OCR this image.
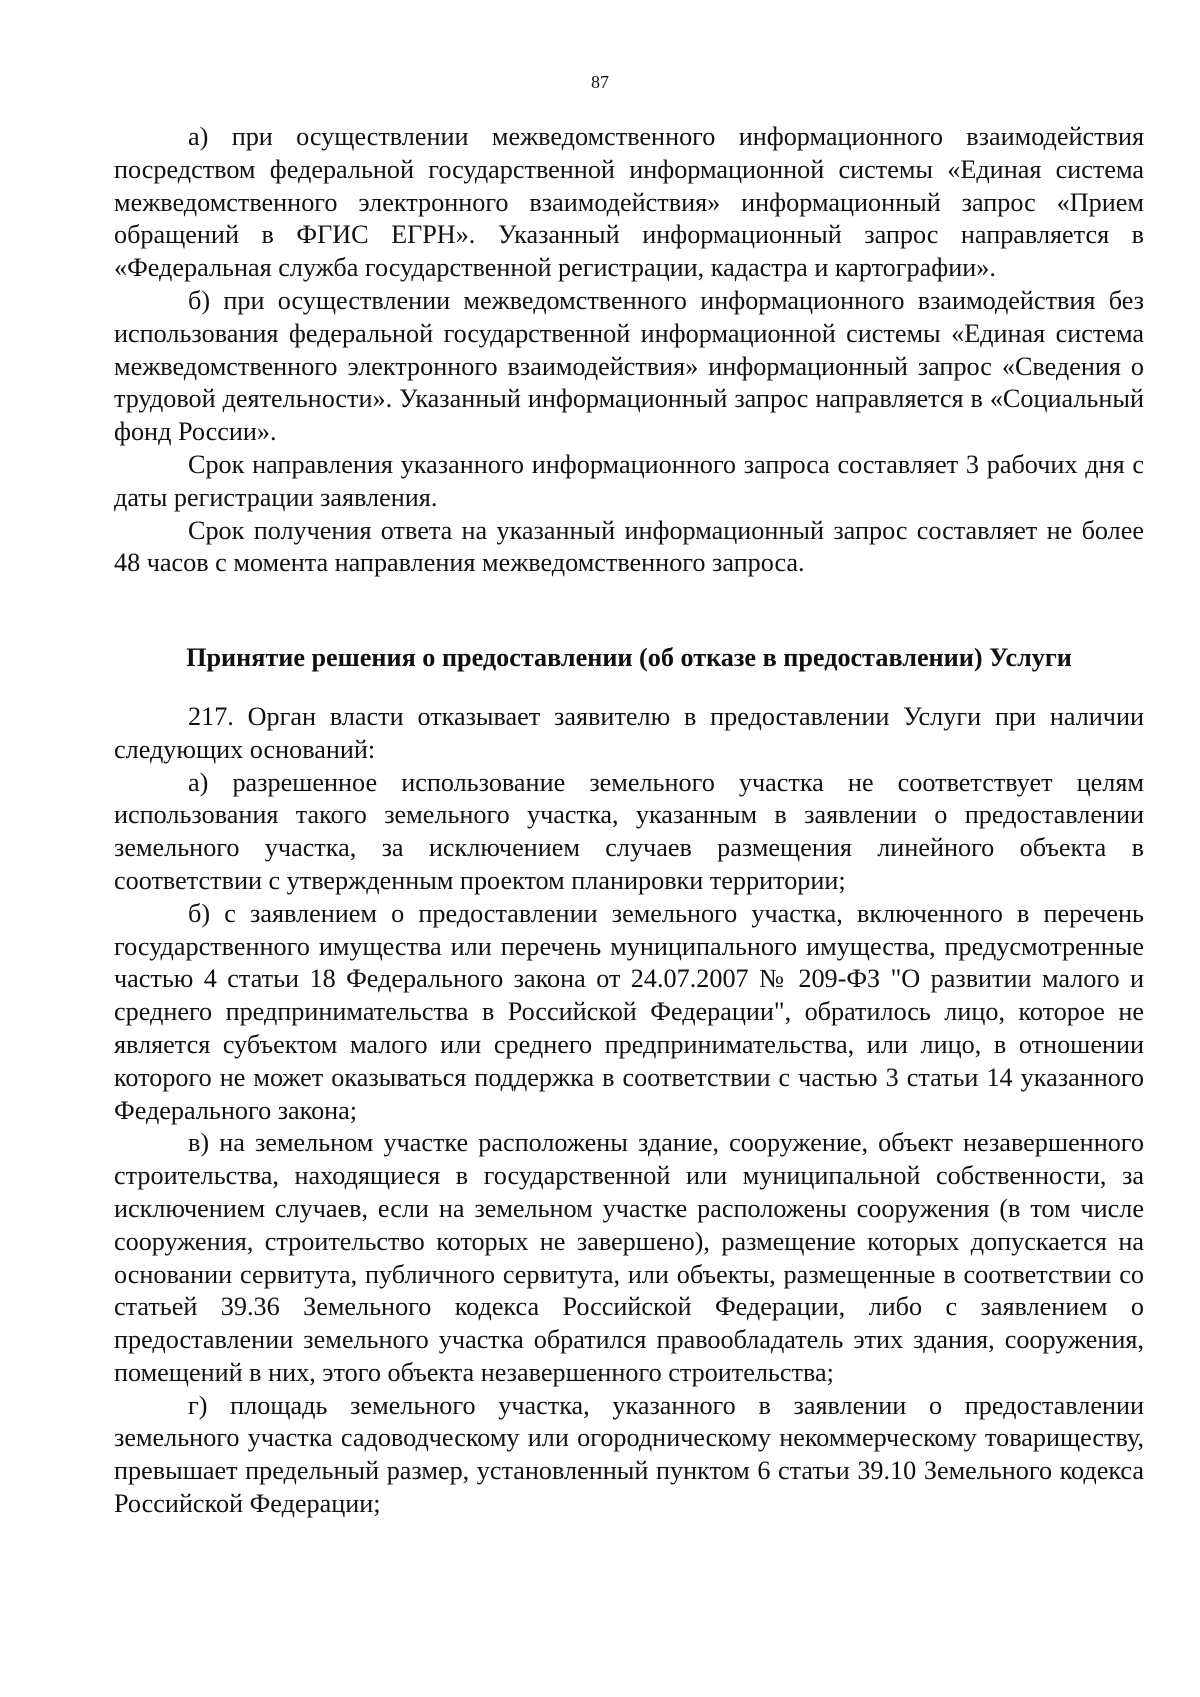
87

а) при осуществлении межведомственного информационного взаимодействия посредством федеральной государственной информационной системы «Единая система межведомственного электронного взаимодействия» информационный запрос «Прием обращений в ФГИС ЕГРН». Указанный информационный запрос направляется в «Федеральная служба государственной регистрации, кадастра и картографии».

б) при осуществлении межведомственного информационного взаимодействия без использования федеральной государственной информационной системы «Единая система межведомственного электронного взаимодействия» информационный запрос «Сведения о трудовой деятельности». Указанный информационный запрос направляется в «Социальный фонд России».

Срок направления указанного информационного запроса составляет 3 рабочих дня с даты регистрации заявления.

Срок получения ответа на указанный информационный запрос составляет не более 48 часов с момента направления межведомственного запроса.

Принятие решения о предоставлении (об отказе в предоставлении) Услуги

217. Орган власти отказывает заявителю в предоставлении Услуги при наличии следующих оснований:

а) разрешенное использование земельного участка не соответствует целям использования такого земельного участка, указанным в заявлении о предоставлении земельного участка, за исключением случаев размещения линейного объекта в соответствии с утвержденным проектом планировки территории;

б) с заявлением о предоставлении земельного участка, включенного в перечень государственного имущества или перечень муниципального имущества, предусмотренные частью 4 статьи 18 Федерального закона от 24.07.2007 № 209-ФЗ "О развитии малого и среднего предпринимательства в Российской Федерации", обратилось лицо, которое не является субъектом малого или среднего предпринимательства, или лицо, в отношении которого не может оказываться поддержка в соответствии с частью 3 статьи 14 указанного Федерального закона;

в) на земельном участке расположены здание, сооружение, объект незавершенного строительства, находящиеся в государственной или муниципальной собственности, за исключением случаев, если на земельном участке расположены сооружения (в том числе сооружения, строительство которых не завершено), размещение которых допускается на основании сервитута, публичного сервитута, или объекты, размещенные в соответствии со статьей 39.36 Земельного кодекса Российской Федерации, либо с заявлением о предоставлении земельного участка обратился правообладатель этих здания, сооружения, помещений в них, этого объекта незавершенного строительства;

г) площадь земельного участка, указанного в заявлении о предоставлении земельного участка садоводческому или огородническому некоммерческому товариществу, превышает предельный размер, установленный пунктом 6 статьи 39.10 Земельного кодекса Российской Федерации;
